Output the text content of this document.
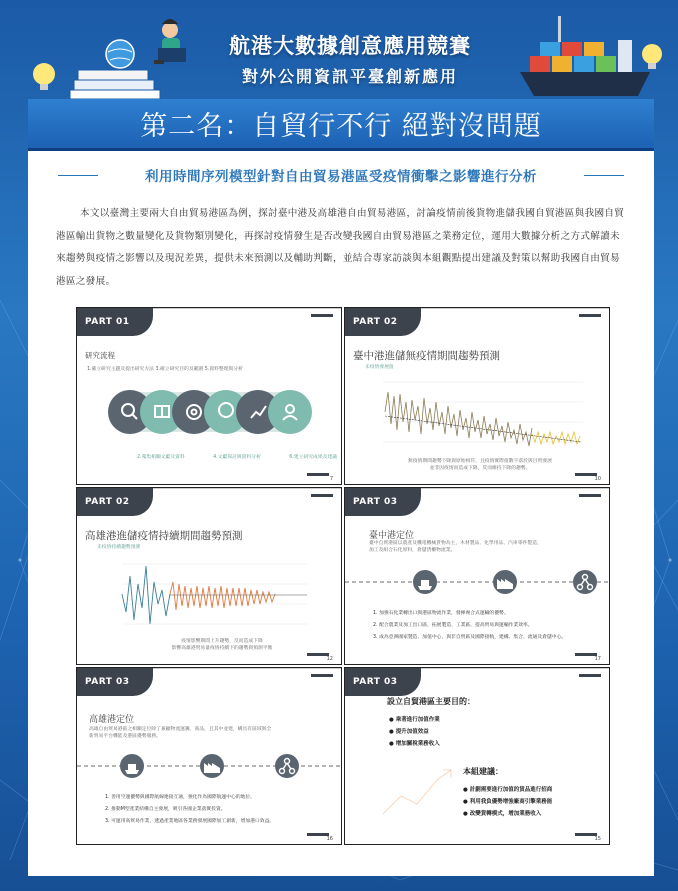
航港大數據創意應用競賽
對外公開資訊平臺創新應用
第二名：自貿行不行 絕對沒問題
利用時間序列模型針對自由貿易港區受疫情衝擊之影響進行分析

本文以臺灣主要兩大自由貿易港區為例，探討臺中港及高雄港自由貿易港區，討論疫情前後貨物進儲我國自貿港區與我國自貿港區輸出貨物之數量變化及貨物類別變化，再探討疫情發生是否改變我國自由貿易港區之業務定位，運用大數據分析之方式解讀未來趨勢與疫情之影響以及現況差異，提供未來預測以及輔助判斷，並結合專家訪談與本組觀點提出建議及對策以幫助我國自由貿易港區之發展。

PART 01
研究流程
1.確立研究主題及提出研究方法 3.確立研究目的及範圍 5.資料整理與分析
2.蒐集相關文獻及資料	4.文獻探討與資料分析	6.建立研究成果及建議
7
PART 02
臺中港進儲無疫情期間趨勢預測
未疫情發展值
無疫情期間趨勢下降與原始相符，且疫情實際值數字落於與目貿發展
並非因疫情而造成下降，反而維持下降的趨勢。
10
PART 02
高雄港進儲疫情持續期間趨勢預測
未疫情持續趨勢預測
疫情影響期間上升趨勢，反而造成下降
影響高雄港貿易量疫情持續下的趨勢與預測平衡
12
PART 03
臺中港定位
臺中自貿港區以農產及機電機械貨物為主，木材製品、化學用品、汽車零件製造，
加工及組合石化原料，倉儲貨櫃物流業。
1. 加強石化業轉出口與港區物流作業，發揮複合式運輸的優勢。
2. 配合農業及加工出口區，拓展製造、工業區，提高貿易與運輸作業效率。
3. 成為亞洲國家製造、加值中心，與非自貿區及國際接軌，建構、集合、流通及倉儲中心。
17
PART 03
高雄港定位
高雄自由貿易港區之相關定位除了兼顧物流運籌，商品，且其中並建，構具有區域與全
新貿易平台機能及港區優勢服務。
1. 善用空運優勢與國際航線連接互通，強化作為國際航運中心的地位。
2. 推動M型產業結構自主發展，吸引各國企業落實投資。
3. 可運用高貿易作業，透過產業地區各業務發展國際加工創新，增加港口效益。
16
PART 03
設立自貿港區主要目的：
● 乘著進行加值作業
● 提升加值效益
● 增加關稅業務收入
本組建議：
● 計劃需要進行加值的貨品進行招商
● 利用我負優勢增強廠商引擎業務能
● 改變貨轉模式，增加業務收入
15
